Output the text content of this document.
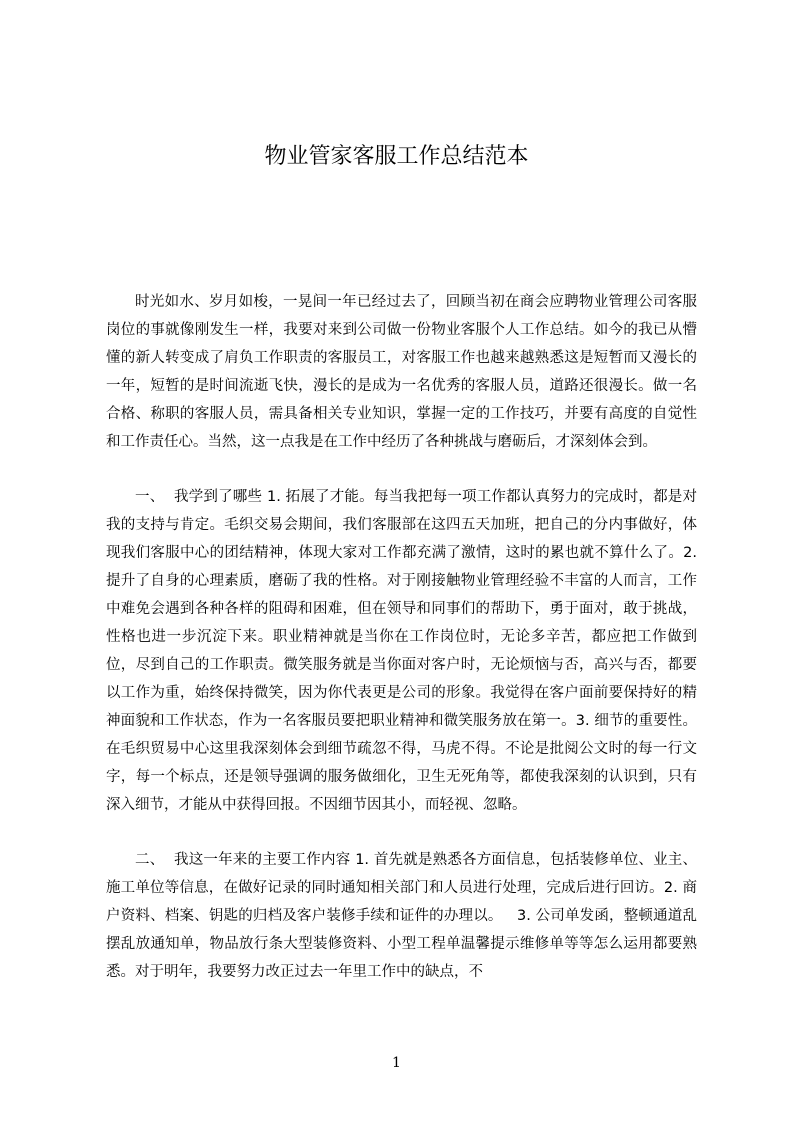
物业管家客服工作总结范本

时光如水、岁月如梭，一晃间一年已经过去了，回顾当初在商会应聘物业管理公司客服岗位的事就像刚发生一样，我要对来到公司做一份物业客服个人工作总结。如今的我已从懵懂的新人转变成了肩负工作职责的客服员工，对客服工作也越来越熟悉这是短暂而又漫长的一年，短暂的是时间流逝飞快，漫长的是成为一名优秀的客服人员，道路还很漫长。做一名合格、称职的客服人员，需具备相关专业知识，掌握一定的工作技巧，并要有高度的自觉性和工作责任心。当然，这一点我是在工作中经历了各种挑战与磨砺后，才深刻体会到。

一、  我学到了哪些 1. 拓展了才能。每当我把每一项工作都认真努力的完成时，都是对我的支持与肯定。毛织交易会期间，我们客服部在这四五天加班，把自己的分内事做好，体现我们客服中心的团结精神，体现大家对工作都充满了激情，这时的累也就不算什么了。2. 提升了自身的心理素质，磨砺了我的性格。对于刚接触物业管理经验不丰富的人而言，工作中难免会遇到各种各样的阻碍和困难，但在领导和同事们的帮助下，勇于面对，敢于挑战，性格也进一步沉淀下来。职业精神就是当你在工作岗位时，无论多辛苦，都应把工作做到位，尽到自己的工作职责。微笑服务就是当你面对客户时，无论烦恼与否，高兴与否，都要以工作为重，始终保持微笑，因为你代表更是公司的形象。我觉得在客户面前要保持好的精神面貌和工作状态，作为一名客服员要把职业精神和微笑服务放在第一。3. 细节的重要性。在毛织贸易中心这里我深刻体会到细节疏忽不得，马虎不得。不论是批阅公文时的每一行文字，每一个标点，还是领导强调的服务做细化，卫生无死角等，都使我深刻的认识到，只有深入细节，才能从中获得回报。不因细节因其小，而轻视、忽略。

二、  我这一年来的主要工作内容 1. 首先就是熟悉各方面信息，包括装修单位、业主、施工单位等信息，在做好记录的同时通知相关部门和人员进行处理，完成后进行回访。2. 商户资料、档案、钥匙的归档及客户装修手续和证件的办理以。   3. 公司单发函，整顿通道乱摆乱放通知单，物品放行条大型装修资料、小型工程单温馨提示维修单等等怎么运用都要熟悉。对于明年，我要努力改正过去一年里工作中的缺点，不

1
